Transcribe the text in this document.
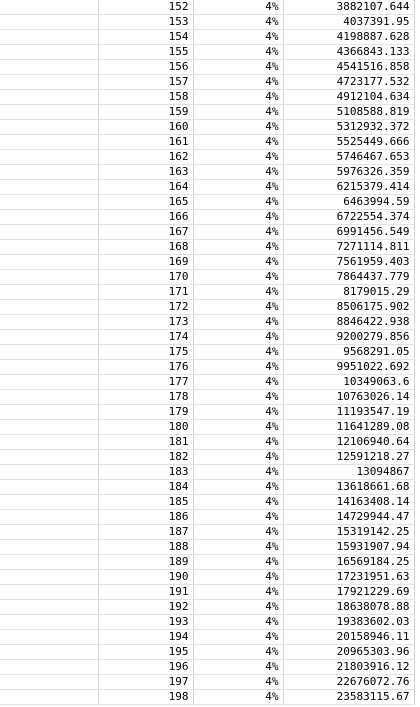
	152	4%	3882107.644
	153	4%	4037391.95
	154	4%	4198887.628
	155	4%	4366843.133
	156	4%	4541516.858
	157	4%	4723177.532
	158	4%	4912104.634
	159	4%	5108588.819
	160	4%	5312932.372
	161	4%	5525449.666
	162	4%	5746467.653
	163	4%	5976326.359
	164	4%	6215379.414
	165	4%	6463994.59
	166	4%	6722554.374
	167	4%	6991456.549
	168	4%	7271114.811
	169	4%	7561959.403
	170	4%	7864437.779
	171	4%	8179015.29
	172	4%	8506175.902
	173	4%	8846422.938
	174	4%	9200279.856
	175	4%	9568291.05
	176	4%	9951022.692
	177	4%	10349063.6
	178	4%	10763026.14
	179	4%	11193547.19
	180	4%	11641289.08
	181	4%	12106940.64
	182	4%	12591218.27
	183	4%	13094867
	184	4%	13618661.68
	185	4%	14163408.14
	186	4%	14729944.47
	187	4%	15319142.25
	188	4%	15931907.94
	189	4%	16569184.25
	190	4%	17231951.63
	191	4%	17921229.69
	192	4%	18638078.88
	193	4%	19383602.03
	194	4%	20158946.11
	195	4%	20965303.96
	196	4%	21803916.12
	197	4%	22676072.76
	198	4%	23583115.67
